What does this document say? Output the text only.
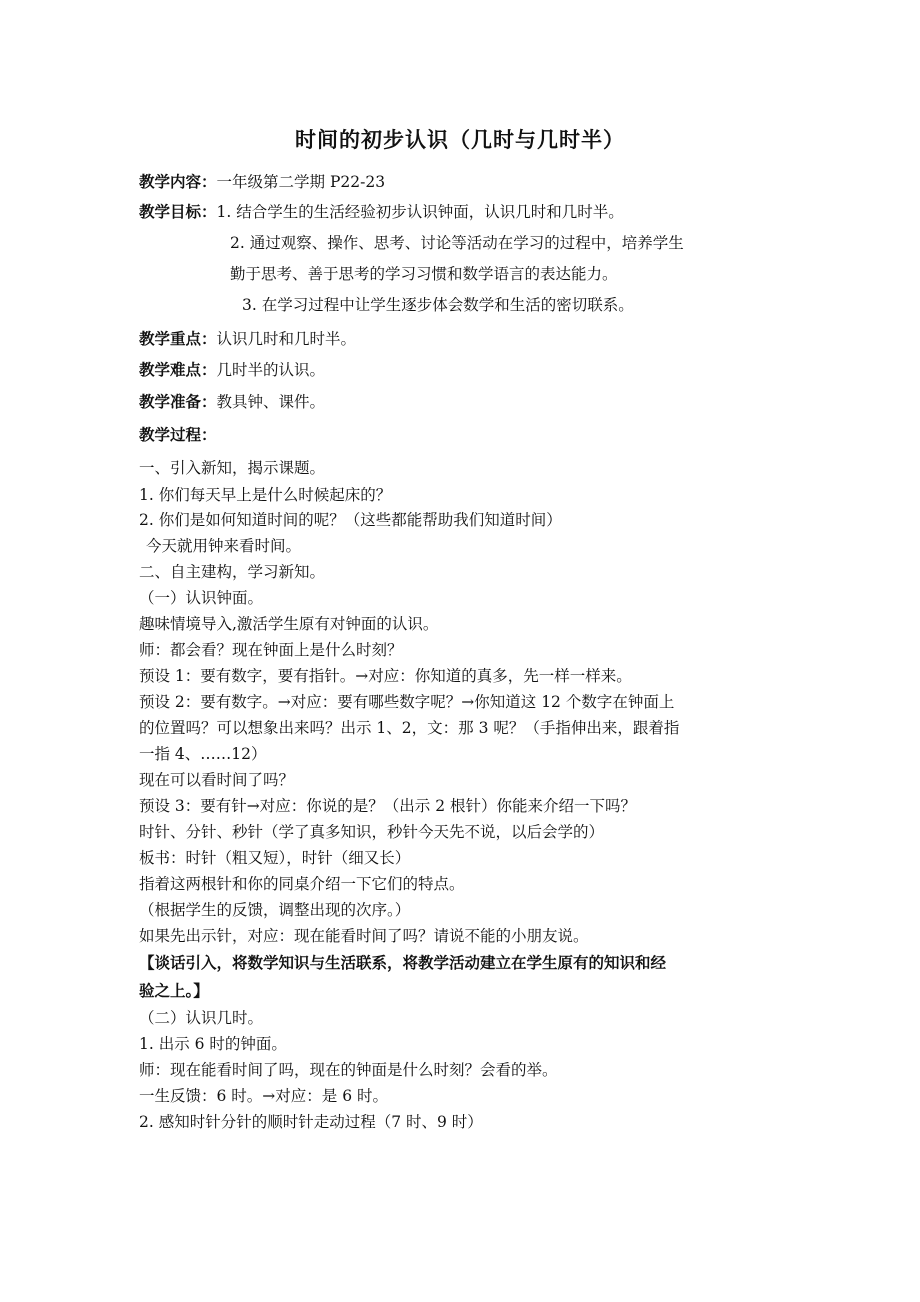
时间的初步认识（几时与几时半）
教学内容：一年级第二学期 P22-23
教学目标：1. 结合学生的生活经验初步认识钟面，认识几时和几时半。
2. 通过观察、操作、思考、讨论等活动在学习的过程中，培养学生
勤于思考、善于思考的学习习惯和数学语言的表达能力。
3. 在学习过程中让学生逐步体会数学和生活的密切联系。
教学重点：认识几时和几时半。
教学难点：几时半的认识。
教学准备：教具钟、课件。
教学过程：
一、引入新知，揭示课题。
1. 你们每天早上是什么时候起床的？
2. 你们是如何知道时间的呢？（这些都能帮助我们知道时间）
今天就用钟来看时间。
二、自主建构，学习新知。
（一）认识钟面。
趣味情境导入,激活学生原有对钟面的认识。
师：都会看？现在钟面上是什么时刻？
预设 1：要有数字，要有指针。→对应：你知道的真多，先一样一样来。
预设 2：要有数字。→对应：要有哪些数字呢？→你知道这 12 个数字在钟面上
的位置吗？可以想象出来吗？出示 1、2，文：那 3 呢？（手指伸出来，跟着指
一指 4、……12）
现在可以看时间了吗？
预设 3：要有针→对应：你说的是？（出示 2 根针）你能来介绍一下吗？
时针、分针、秒针（学了真多知识，秒针今天先不说，以后会学的）
板书：时针（粗又短），时针（细又长）
指着这两根针和你的同桌介绍一下它们的特点。
（根据学生的反馈，调整出现的次序。）
如果先出示针，对应：现在能看时间了吗？请说不能的小朋友说。
【谈话引入，将数学知识与生活联系，将教学活动建立在学生原有的知识和经
验之上。】
（二）认识几时。
1. 出示 6 时的钟面。
师：现在能看时间了吗，现在的钟面是什么时刻？会看的举。
一生反馈：6 时。→对应：是 6 时。
2. 感知时针分针的顺时针走动过程（7 时、9 时）
